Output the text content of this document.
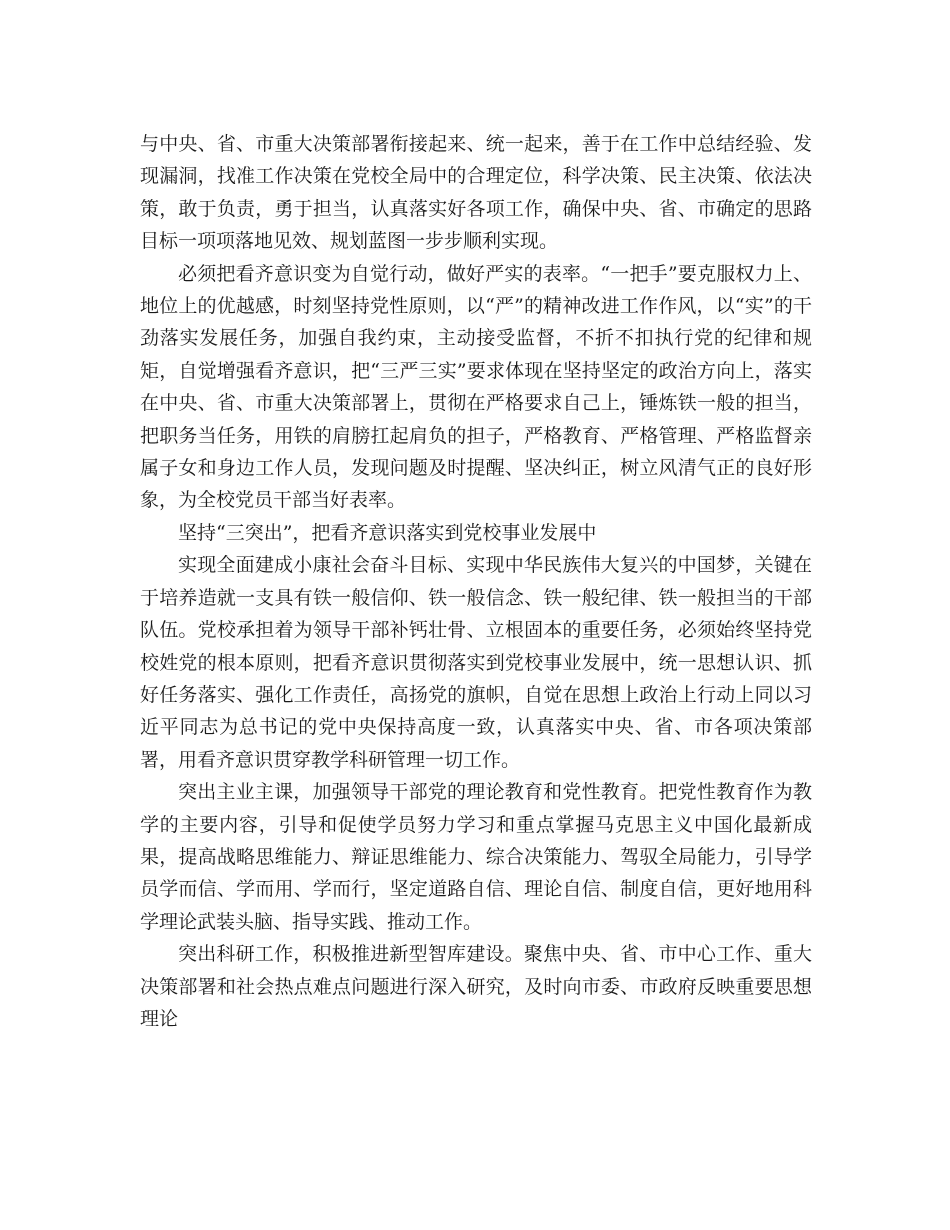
与中央、省、市重大决策部署衔接起来、统一起来，善于在工作中总结经验、发现漏洞，找准工作决策在党校全局中的合理定位，科学决策、民主决策、依法决策，敢于负责，勇于担当，认真落实好各项工作，确保中央、省、市确定的思路目标一项项落地见效、规划蓝图一步步顺利实现。

必须把看齐意识变为自觉行动，做好严实的表率。“一把手”要克服权力上、地位上的优越感，时刻坚持党性原则，以“严”的精神改进工作作风，以“实”的干劲落实发展任务，加强自我约束，主动接受监督，不折不扣执行党的纪律和规矩，自觉增强看齐意识，把“三严三实”要求体现在坚持坚定的政治方向上，落实在中央、省、市重大决策部署上，贯彻在严格要求自己上，锤炼铁一般的担当，把职务当任务，用铁的肩膀扛起肩负的担子，严格教育、严格管理、严格监督亲属子女和身边工作人员，发现问题及时提醒、坚决纠正，树立风清气正的良好形象，为全校党员干部当好表率。

坚持“三突出”，把看齐意识落实到党校事业发展中

实现全面建成小康社会奋斗目标、实现中华民族伟大复兴的中国梦，关键在于培养造就一支具有铁一般信仰、铁一般信念、铁一般纪律、铁一般担当的干部队伍。党校承担着为领导干部补钙壮骨、立根固本的重要任务，必须始终坚持党校姓党的根本原则，把看齐意识贯彻落实到党校事业发展中，统一思想认识、抓好任务落实、强化工作责任，高扬党的旗帜，自觉在思想上政治上行动上同以习近平同志为总书记的党中央保持高度一致，认真落实中央、省、市各项决策部署，用看齐意识贯穿教学科研管理一切工作。

突出主业主课，加强领导干部党的理论教育和党性教育。把党性教育作为教学的主要内容，引导和促使学员努力学习和重点掌握马克思主义中国化最新成果，提高战略思维能力、辩证思维能力、综合决策能力、驾驭全局能力，引导学员学而信、学而用、学而行，坚定道路自信、理论自信、制度自信，更好地用科学理论武装头脑、指导实践、推动工作。

突出科研工作，积极推进新型智库建设。聚焦中央、省、市中心工作、重大决策部署和社会热点难点问题进行深入研究，及时向市委、市政府反映重要思想理论
